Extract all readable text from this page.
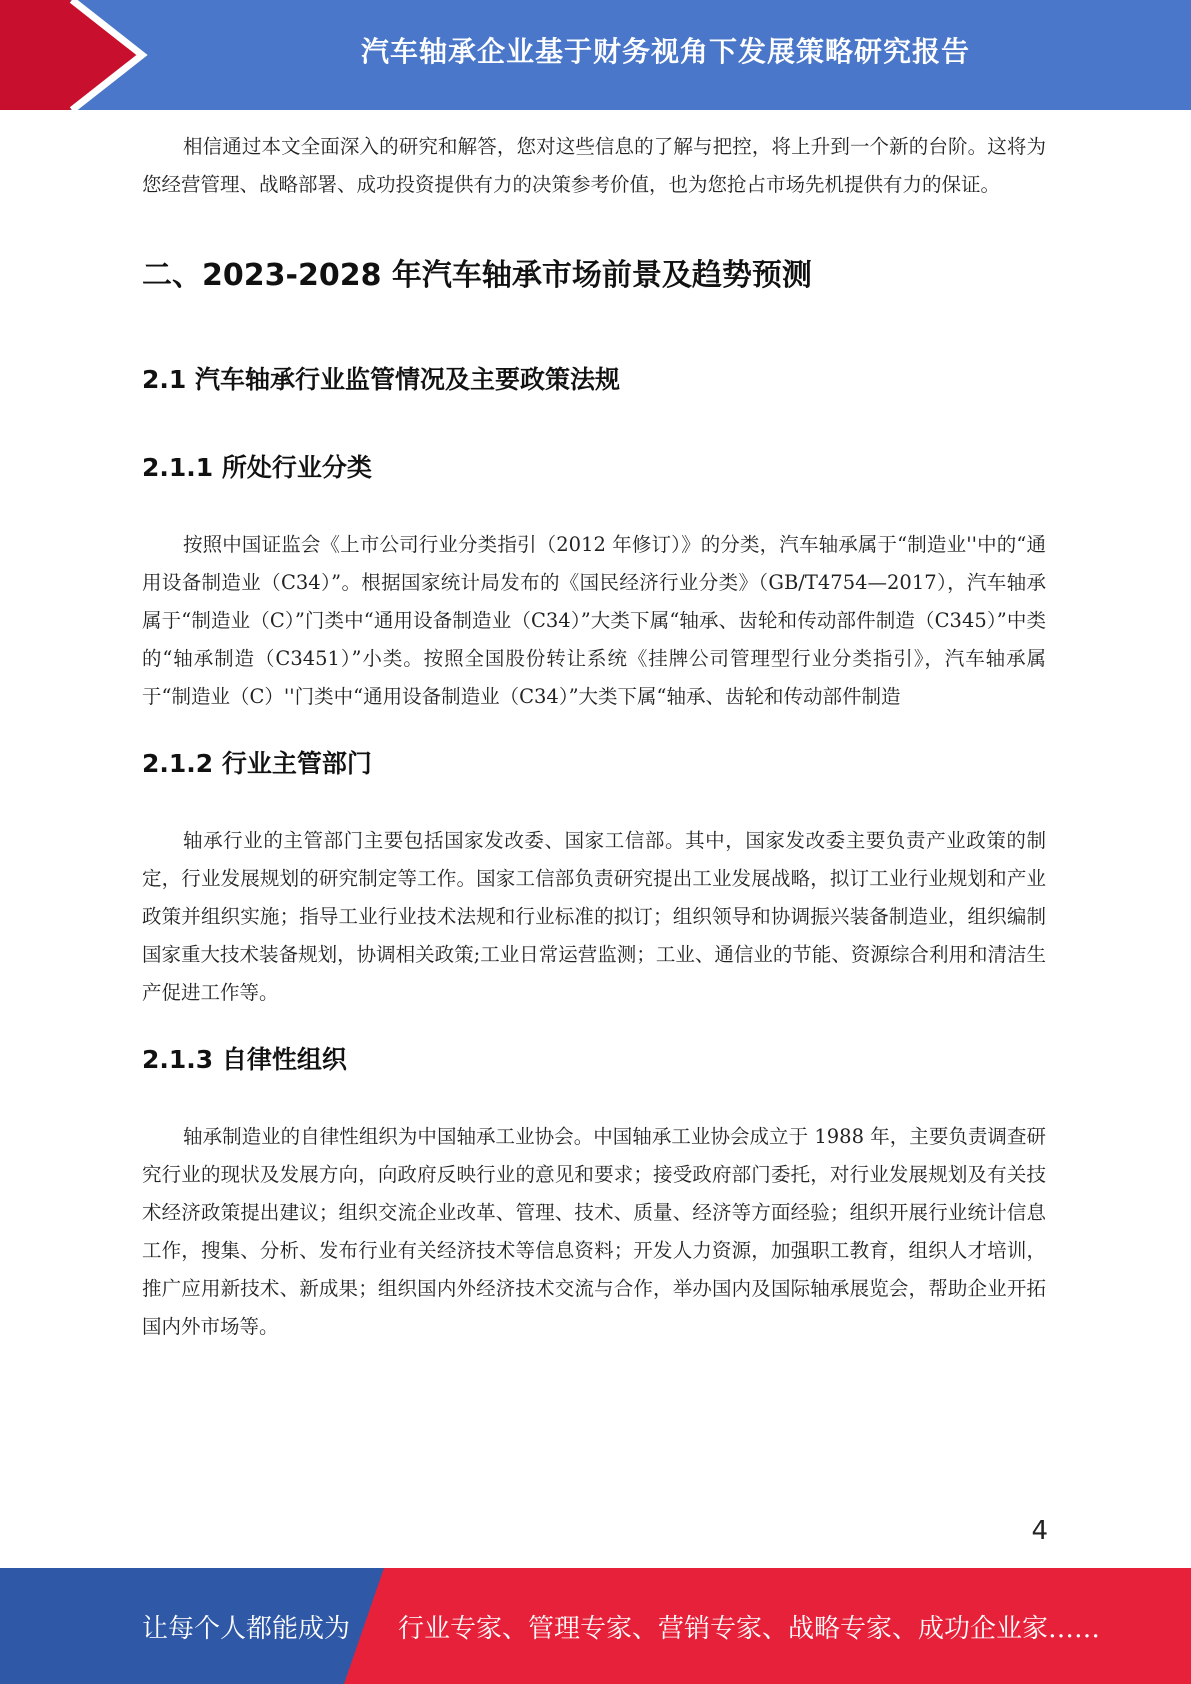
汽车轴承企业基于财务视角下发展策略研究报告

相信通过本文全面深入的研究和解答，您对这些信息的了解与把控，将上升到一个新的台阶。这将为您经营管理、战略部署、成功投资提供有力的决策参考价值，也为您抢占市场先机提供有力的保证。

二、2023-2028 年汽车轴承市场前景及趋势预测
2.1 汽车轴承行业监管情况及主要政策法规
2.1.1 所处行业分类

按照中国证监会《上市公司行业分类指引（2012 年修订）》的分类，汽车轴承属于“制造业''中的“通用设备制造业（C34）”。根据国家统计局发布的《国民经济行业分类》（GB/T4754—2017），汽车轴承属于“制造业（C）”门类中“通用设备制造业（C34）”大类下属“轴承、齿轮和传动部件制造（C345）”中类的“轴承制造（C3451）”小类。按照全国股份转让系统《挂牌公司管理型行业分类指引》，汽车轴承属于“制造业（C）''门类中“通用设备制造业（C34）”大类下属“轴承、齿轮和传动部件制造

2.1.2 行业主管部门

轴承行业的主管部门主要包括国家发改委、国家工信部。其中，国家发改委主要负责产业政策的制定，行业发展规划的研究制定等工作。国家工信部负责研究提出工业发展战略，拟订工业行业规划和产业政策并组织实施；指导工业行业技术法规和行业标准的拟订；组织领导和协调振兴装备制造业，组织编制国家重大技术装备规划，协调相关政策;工业日常运营监测；工业、通信业的节能、资源综合利用和清洁生产促进工作等。

2.1.3 自律性组织

轴承制造业的自律性组织为中国轴承工业协会。中国轴承工业协会成立于 1988 年，主要负责调查研究行业的现状及发展方向，向政府反映行业的意见和要求；接受政府部门委托，对行业发展规划及有关技术经济政策提出建议；组织交流企业改革、管理、技术、质量、经济等方面经验；组织开展行业统计信息工作，搜集、分析、发布行业有关经济技术等信息资料；开发人力资源，加强职工教育，组织人才培训，推广应用新技术、新成果；组织国内外经济技术交流与合作，举办国内及国际轴承展览会，帮助企业开拓国内外市场等。

4
让每个人都能成为 行业专家、管理专家、营销专家、战略专家、成功企业家……
